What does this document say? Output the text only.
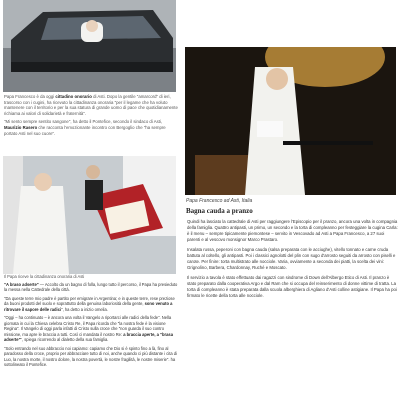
Papa Francesco è da oggi cittadino onorario di Asti. Dopo la gentile "amarcord" di ieri, trascorso con i cugini, ha ricevuto la cittadinanza onoraria "per il legame che ha voluto mantenere con il territorio e per la sua statura di grande uomo di pace che quotidianamente richiama ai valori di solidarietà e fraternità".
"Mi sento sempre sentito sangone", ha detto il Pontefice, secondo il sindaco di Asti, Maurizio Rasero che racconta l'emozionante incontro con Bergoglio che "ha sempre portato Asti nel suo cuore".
Il Papa riceve la cittadinanza onoraria di Asti
"A braso adserte" — Accolto da un bagno di folla, lungo tutto il percorso, il Papa ha presieduto la messa nella Cattedrale della città.
"Da queste terre mio padre è partito per emigrare in Argentina; e in queste terre, rese preziose da buoni prodotti del suolo e soprattutto della genuina laboriosità della gente, sono venuto a ritrovare il sapore delle radici", ha detto a inizio omelia.
"Oggi – ha continuato – è ancora una volta il Vangelo a riportarci alle radici della fede". Nella giornata in cui la Chiesa celebra Cristo Re, il Papa ricorda che "la nostra fede è la visione Regina". Il Vangelo di oggi parla infatti di Cristo sulla croce che "non guarda il suo contro missione, ma apre le braccia a tutti. Così ci mandata il nostro Re: a braccia aperte, a "brasa adserte"", spiega ricorrendo al dialetto della sua famiglia.
"Solo entrando nel suo abbraccio noi capiamo: capiamo che Dio si è spinto fino a là, fino al paradosso della croce, proprio per abbracciare tutto di noi, anche quando ci più distante i cita di Luo, la nostra morte, il nostro dolore, la nostra povertà, le nostre fragilità, le nostre miserie". ha sottolineato il Pontefice.
Papa Francesco ad Asti, Italia
Bagna cauda a pranzo

Quindi ha lasciato la cattedrale di Asti per raggiungere l'Episcopio per il pranzo, ancora una volta in compagnia della famiglia. Quattro antipasti, un primo, un secondo e la torta di compleanno per festeggiare la cugina Carla: è il menu – sempre tipicamente piemontese – servito in Vescovado ad Asti a Papa Francesco, a 27 suoi parenti e al vescovo monsignor Marco Prastaro.

Insalata russa, peperoni con bagna cauda (salsa preparata con le acciughe), vitello tonnato e carne cruda battuta al coltello, gli antipasti. Poi i classici agnolotti del plin con sugo d'arrosto seguiti da arrosto con piselli e carote. Per finire: torta multistrato alle nocciole. Varia, ovviamente a seconda dei piatti, la scelta dei vini: Grignolino, Barbera, Chardonnay, Ruché e Moscato.

Il servizio a tavola è stato effettuato dai ragazzi con sindrome di Down dell'Albergo Etico di Asti. Il pranzo è stato preparato dalla cooperativa Argo e dal Ram che si occupa del reinserimento di donne vittime di tratta. La torta di compleanno è stata preparata dalla scuola alberghiera di Agliano d'Asti colline astigiane. Il Papa ha poi firmato le ricette della torta alle nocciole.
